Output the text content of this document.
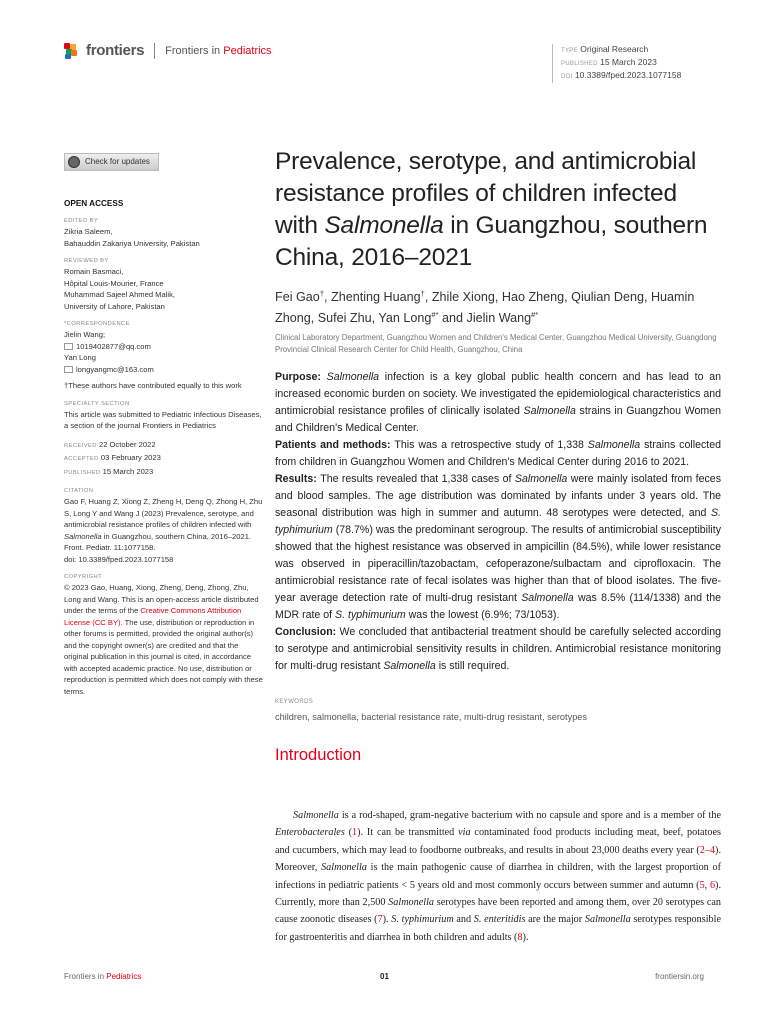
frontiers Frontiers in Pediatrics	TYPE Original Research
PUBLISHED 15 March 2023
DOI 10.3389/fped.2023.1077158
Check for updates
OPEN ACCESS
EDITED BY
Zikria Saleem,
Bahauddin Zakariya University, Pakistan
REVIEWED BY
Romain Basmaci,
Hôpital Louis-Mourier, France
Muhammad Sajeel Ahmed Malik,
University of Lahore, Pakistan
*CORRESPONDENCE
Jielin Wang;
1019402877@qq.com
Yan Long
longyangmc@163.com
†These authors have contributed equally to this work
SPECIALTY SECTION
This article was submitted to Pediatric Infectious Diseases, a section of the journal Frontiers in Pediatrics
RECEIVED 22 October 2022
ACCEPTED 03 February 2023
PUBLISHED 15 March 2023
CITATION
Gao F, Huang Z, Xiong Z, Zheng H, Deng Q, Zhong H, Zhu S, Long Y and Wang J (2023) Prevalence, serotype, and antimicrobial resistance profiles of children infected with Salmonella in Guangzhou, southern China, 2016–2021.
Front. Pediatr. 11:1077158.
doi: 10.3389/fped.2023.1077158
COPYRIGHT
© 2023 Gao, Huang, Xiong, Zheng, Deng, Zhong, Zhu, Long and Wang. This is an open-access article distributed under the terms of the Creative Commons Attribution License (CC BY). The use, distribution or reproduction in other forums is permitted, provided the original author(s) and the copyright owner(s) are credited and that the original publication in this journal is cited, in accordance with accepted academic practice. No use, distribution or reproduction is permitted which does not comply with these terms.
Prevalence, serotype, and antimicrobial resistance profiles of children infected with Salmonella in Guangzhou, southern China, 2016–2021
Fei Gao†, Zhenting Huang†, Zhile Xiong, Hao Zheng, Qiulian Deng, Huamin Zhong, Sufei Zhu, Yan Long#* and Jielin Wang#*
Clinical Laboratory Department, Guangzhou Women and Children's Medical Center, Guangzhou Medical University, Guangdong Provincial Clinical Research Center for Child Health, Guangzhou, China

Purpose: Salmonella infection is a key global public health concern and has lead to an increased economic burden on society. We investigated the epidemiological characteristics and antimicrobial resistance profiles of clinically isolated Salmonella strains in Guangzhou Women and Children's Medical Center.

Patients and methods: This was a retrospective study of 1,338 Salmonella strains collected from children in Guangzhou Women and Children's Medical Center during 2016 to 2021.

Results: The results revealed that 1,338 cases of Salmonella were mainly isolated from feces and blood samples. The age distribution was dominated by infants under 3 years old. The seasonal distribution was high in summer and autumn. 48 serotypes were detected, and S. typhimurium (78.7%) was the predominant serogroup. The results of antimicrobial susceptibility showed that the highest resistance was observed in ampicillin (84.5%), while lower resistance was observed in piperacillin/tazobactam, cefoperazone/sulbactam and ciprofloxacin. The antimicrobial resistance rate of fecal isolates was higher than that of blood isolates. The five-year average detection rate of multi-drug resistant Salmonella was 8.5% (114/1338) and the MDR rate of S. typhimurium was the lowest (6.9%; 73/1053).

Conclusion: We concluded that antibacterial treatment should be carefully selected according to serotype and antimicrobial sensitivity results in children. Antimicrobial resistance monitoring for multi-drug resistant Salmonella is still required.

KEYWORDS
children, salmonella, bacterial resistance rate, multi-drug resistant, serotypes
Introduction

Salmonella is a rod-shaped, gram-negative bacterium with no capsule and spore and is a member of the Enterobacterales (1). It can be transmitted via contaminated food products including meat, beef, potatoes and cucumbers, which may lead to foodborne outbreaks, and results in about 23,000 deaths every year (2–4). Moreover, Salmonella is the main pathogenic cause of diarrhea in children, with the largest proportion of infections in pediatric patients < 5 years old and most commonly occurs between summer and autumn (5, 6). Currently, more than 2,500 Salmonella serotypes have been reported and among them, over 20 serotypes can cause zoonotic diseases (7). S. typhimurium and S. enteritidis are the major Salmonella serotypes responsible for gastroenteritis and diarrhea in both children and adults (8).

Frontiers in Pediatrics	01	frontiersin.org
